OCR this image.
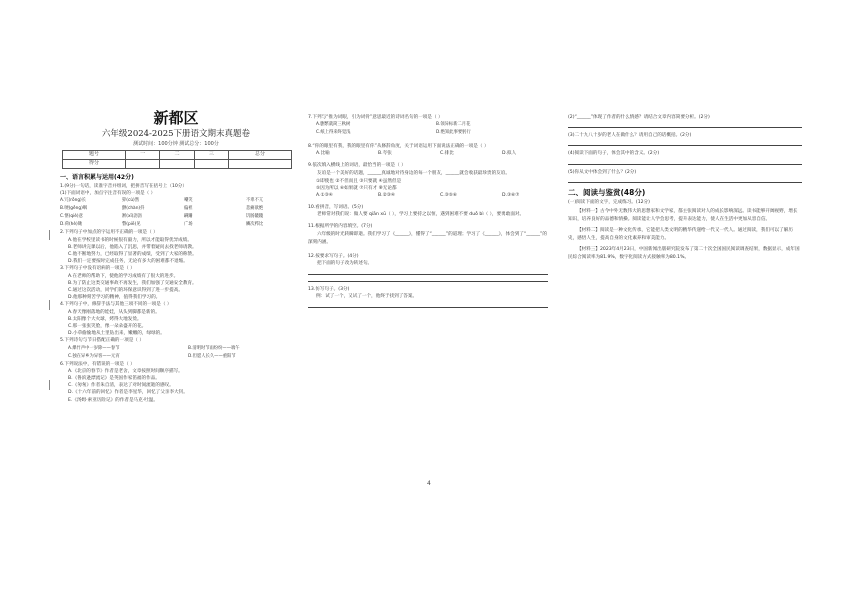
新都区
六年级2024-2025下册语文期末真题卷
测试时间：100分钟 测试总分：100分
题号	一	二	三	总分
得分				
一、语言积累与运用(42分)

1.(9分)一句话，读准字音并组词，把拼音写在括号上（10分）

(1)下面词语中，加点字注音有误的一项是（ ）

A.冗(rǒng)长	猝(cù)然	嘲笑	不卑不亢
B.哽(gěng)咽	颤(chàn)抖	偏袒	悲痛欲绝
C.惬(qiè)意	淅(xī)沥沥	蹒跚	饥肠辘辘
D.荷(hè)锄	瞥(piē)见	广场	鳞次栉比

2.下列句子中加点的字运用不正确的一项是（ ）

A.他在学校里读书的时候很有毅力，所以才能取得优异成绩。

B.老师讲完课以后，他陷入了沉思，并带着疑问去找老师请教。

C.他不断地努力，已经取得了显著的成绩，受到了大家的称赞。

D.我们一定要按时完成任务，无论有多大的困难都不退缩。

3.下列句子中没有语病的一项是（ ）

A.在老师的帮助下，使他的学习成绩有了很大的进步。

B.为了防止这类交通事故不再发生，我们加强了交通安全教育。

C.通过这次活动，同学们的环保意识得到了进一步提高。

D.他那种刻苦学习的精神，值得我们学习的。

4.下列句子中，修辞手法与其他三项不同的一项是（ ）

A.春天像刚落地的娃娃，从头到脚都是新的。

B.太阳像个大火球，烤得大地发烫。

C.那一张张笑脸，像一朵朵盛开的花。

D.小草偷偷地从土里钻出来，嫩嫩的，绿绿的。

5.下列诗句与节日搭配正确的一项是（ ）

A.爆竹声中一岁除——春节	B.清明时节雨纷纷——端午
C.独在异乡为异客——元宵	D.但愿人长久——重阳节

6.下列说法中，有错误的一项是（ ）

A.《北京的春节》作者是老舍，文章按照时间顺序描写。

B.《鲁滨逊漂流记》是英国作家笛福的作品。

C.《匆匆》作者朱自清，表达了对时间流逝的感叹。

D.《十六年前的回忆》作者是李星华，回忆了父亲李大钊。

E.《汤姆·索亚历险记》的作者是马克·吐温。

7.下列与“推为词眼，引为词骨”意思最近的诗词名句的一项是（ ）

A.删繁就简三秋树	B.领异标新二月花
C.纸上得来终觉浅	D.绝知此事要躬行

8.“你的眼里有我，我的眼里有你”从修辞角度，关于词语运用下面说法正确的一项是（ ）

A.比喻	B.夸张	C.排比	D.拟人

9.依次填入横线上的词语，最恰当的一项是（ ）

友谊是一个美好的话题，______真诚地对待身边的每一个朋友，______就会收获最珍贵的友谊。

①即使也 ②不但而且 ③只要就 ④虽然但是

⑤因为所以 ⑥如果就 ⑦只有才 ⑧无论都

A.①③④	B.②③④	C.③⑤⑥	D.③⑥⑦

10.看拼音，写词语。(5分)

老师常对我们说：做人要 qiān xū（ ），学习上要持之以恒，遇到困难不要 duǒ bì（ ），要勇敢面对。

11.根据所学的内容填空。(7分)

六年级的时光转瞬即逝。我们学习了《______》，懂得了“______”的道理；学习了《______》，体会到了“______”的深刻内涵。

12.按要求写句子。(4分)

把下面的句子改为转述句。

13.仿写句子。(3分)

例：试了一个，又试了一个，他终于找到了答案。

4

(2)“______”体现了作者的什么情感？请结合文章内容简要分析。(2分)

(3)二十九八十岁的老人在做什么？请用自己的话概括。(2分)

(4)阅读下面的句子，体会其中的含义。(2分)

(5)你从文中体会到了什么？(2分)

二、阅读与鉴赏(48分)

(一)阅读下面的文字，完成练习。(12分)

【材料一】古今中外无数伟大的思想家和文学家，都主张阅读对人的成长影响深远。读书能够开阔视野，增长知识，培养良好的品德和情操。阅读能让人学会思考，提升表达能力，使人在生活中更加从容自信。

【材料二】阅读是一种文化传承，它能把人类文明的精华传递给一代又一代人。通过阅读，我们可以了解历史，感悟人生，提高自身的文化素养和审美能力。

【材料三】2023年4月23日，中国新闻出版研究院发布了第二十次全国国民阅读调查结果，数据显示，成年国民综合阅读率为81.9%，数字化阅读方式接触率为80.1%。
